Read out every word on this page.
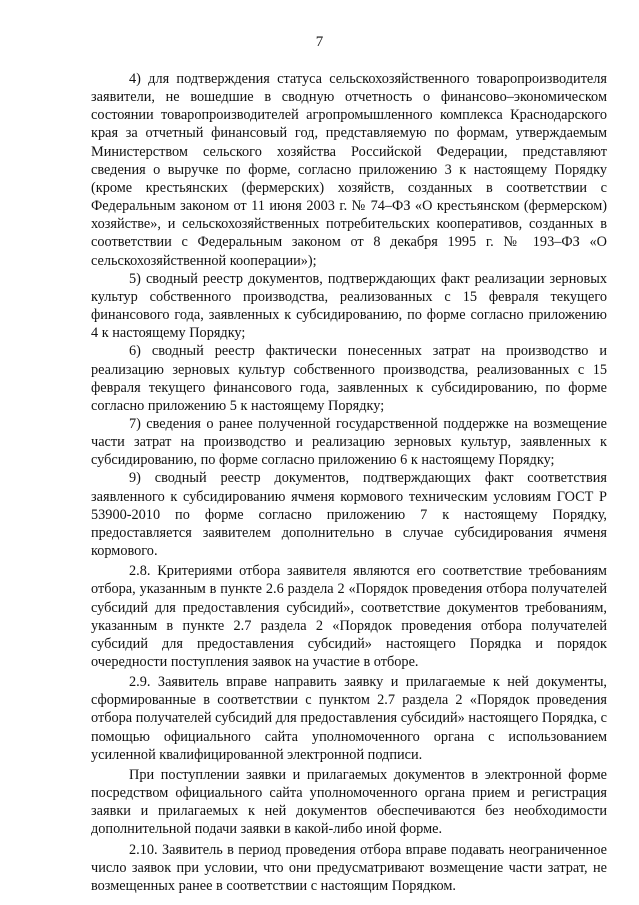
7

4) для подтверждения статуса сельскохозяйственного товаропроизводителя заявители, не вошедшие в сводную отчетность о финансово–экономическом состоянии товаропроизводителей агропромышленного комплекса Краснодарского края за отчетный финансовый год, представляемую по формам, утверждаемым Министерством сельского хозяйства Российской Федерации, представляют сведения о выручке по форме, согласно приложению 3 к настоящему Порядку (кроме крестьянских (фермерских) хозяйств, созданных в соответствии с Федеральным законом от 11 июня 2003 г. № 74–ФЗ «О крестьянском (фермерском) хозяйстве», и сельскохозяйственных потребительских кооперативов, созданных в соответствии с Федеральным законом от 8 декабря 1995 г. № 193–ФЗ «О сельскохозяйственной кооперации»);

5) сводный реестр документов, подтверждающих факт реализации зерновых культур собственного производства, реализованных с 15 февраля текущего финансового года, заявленных к субсидированию, по форме согласно приложению 4 к настоящему Порядку;

6) сводный реестр фактически понесенных затрат на производство и реализацию зерновых культур собственного производства, реализованных с 15 февраля текущего финансового года, заявленных к субсидированию, по форме согласно приложению 5 к настоящему Порядку;

7) сведения о ранее полученной государственной поддержке на возмещение части затрат на производство и реализацию зерновых культур, заявленных к субсидированию, по форме согласно приложению 6 к настоящему Порядку;

9) сводный реестр документов, подтверждающих факт соответствия заявленного к субсидированию ячменя кормового техническим условиям ГОСТ Р 53900-2010 по форме согласно приложению 7 к настоящему Порядку, предоставляется заявителем дополнительно в случае субсидирования ячменя кормового.

2.8. Критериями отбора заявителя являются его соответствие требованиям отбора, указанным в пункте 2.6 раздела 2 «Порядок проведения отбора получателей субсидий для предоставления субсидий», соответствие документов требованиям, указанным в пункте 2.7 раздела 2 «Порядок проведения отбора получателей субсидий для предоставления субсидий» настоящего Порядка и порядок очередности поступления заявок на участие в отборе.

2.9. Заявитель вправе направить заявку и прилагаемые к ней документы, сформированные в соответствии с пунктом 2.7 раздела 2 «Порядок проведения отбора получателей субсидий для предоставления субсидий» настоящего Порядка, с помощью официального сайта уполномоченного органа с использованием усиленной квалифицированной электронной подписи.

При поступлении заявки и прилагаемых документов в электронной форме посредством официального сайта уполномоченного органа прием и регистрация заявки и прилагаемых к ней документов обеспечиваются без необходимости дополнительной подачи заявки в какой-либо иной форме.

2.10. Заявитель в период проведения отбора вправе подавать неограниченное число заявок при условии, что они предусматривают возмещение части затрат, не возмещенных ранее в соответствии с настоящим Порядком.
